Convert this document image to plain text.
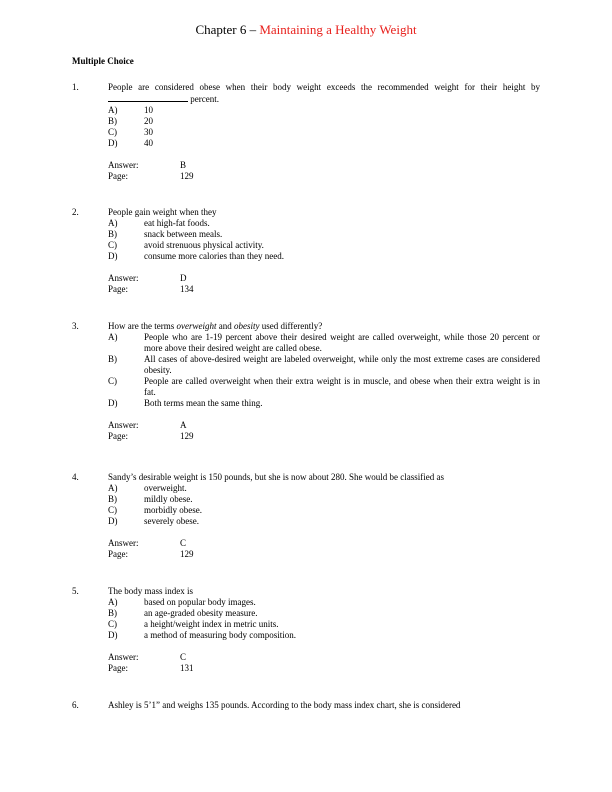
Chapter 6 – Maintaining a Healthy Weight
Multiple Choice
1.	People are considered obese when their body weight exceeds the recommended weight for their height by  percent.
A)	10
B)	20
C)	30
D)	40
Answer:	B
Page:	129
2.	People gain weight when they
A)	eat high-fat foods.
B)	snack between meals.
C)	avoid strenuous physical activity.
D)	consume more calories than they need.
Answer:	D
Page:	134
3.	How are the terms overweight and obesity used differently?
A)	People who are 1-19 percent above their desired weight are called overweight, while those 20 percent or more above their desired weight are called obese.
B)	All cases of above-desired weight are labeled overweight, while only the most extreme cases are considered obesity.
C)	People are called overweight when their extra weight is in muscle, and obese when their extra weight is in fat.
D)	Both terms mean the same thing.
Answer:	A
Page:	129
4.	Sandy’s desirable weight is 150 pounds, but she is now about 280. She would be classified as
A)	overweight.
B)	mildly obese.
C)	morbidly obese.
D)	severely obese.
Answer:	C
Page:	129
5.	The body mass index is
A)	based on popular body images.
B)	an age-graded obesity measure.
C)	a height/weight index in metric units.
D)	a method of measuring body composition.
Answer:	C
Page:	131
6.	Ashley is 5’1” and weighs 135 pounds. According to the body mass index chart, she is considered
